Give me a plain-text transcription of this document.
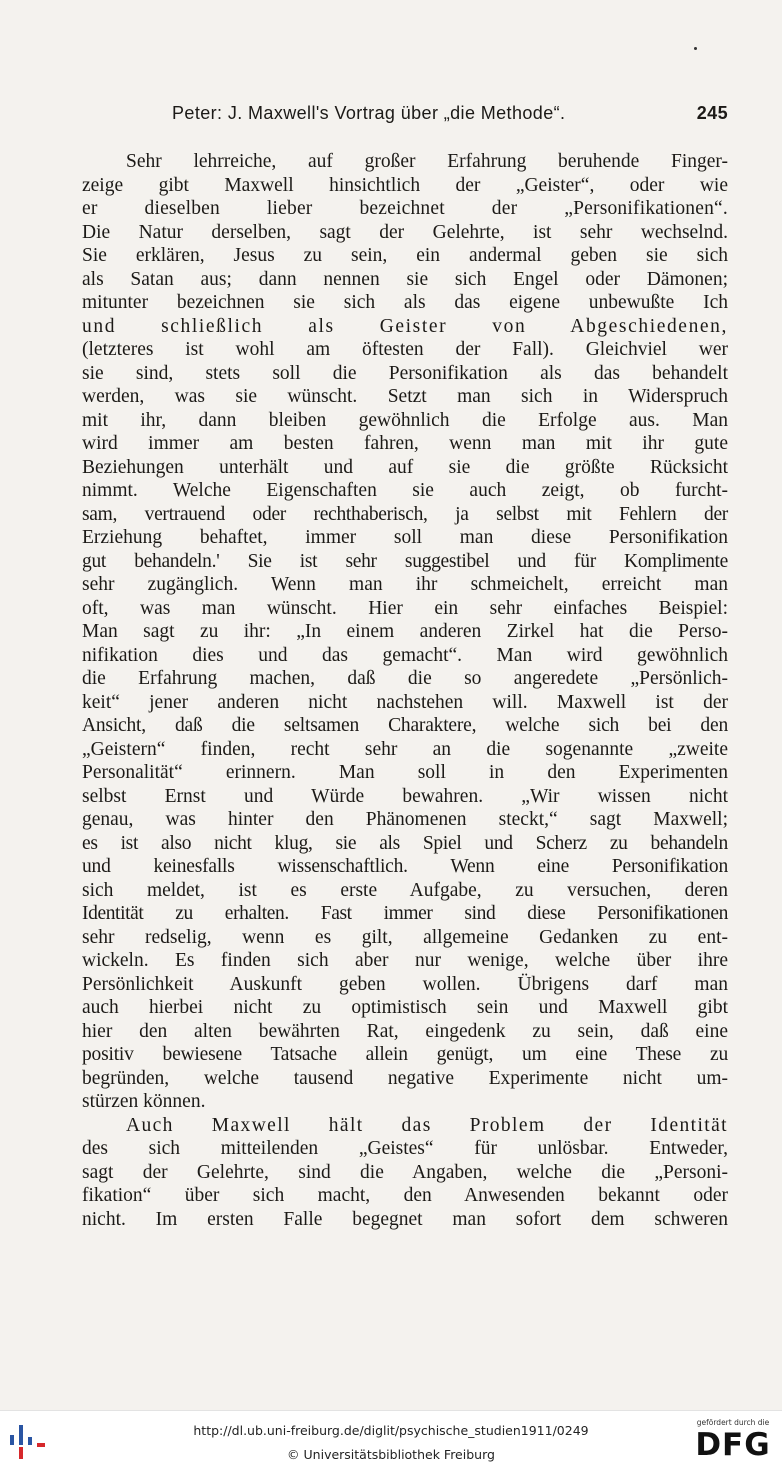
Peter: J. Maxwell's Vortrag über „die Methode“.	245
Sehr lehrreiche, auf großer Erfahrung beruhende Finger-
zeige gibt Maxwell hinsichtlich der „Geister“, oder wie
er dieselben lieber bezeichnet der „Personifikationen“.
Die Natur derselben, sagt der Gelehrte, ist sehr wechselnd.
Sie erklären, Jesus zu sein, ein andermal geben sie sich
als Satan aus; dann nennen sie sich Engel oder Dämonen;
mitunter bezeichnen sie sich als das eigene unbewußte Ich
und schließlich als Geister von Abgeschiedenen,
(letzteres ist wohl am öftesten der Fall). Gleichviel wer
sie sind, stets soll die Personifikation als das behandelt
werden, was sie wünscht. Setzt man sich in Widerspruch
mit ihr, dann bleiben gewöhnlich die Erfolge aus. Man
wird immer am besten fahren, wenn man mit ihr gute
Beziehungen unterhält und auf sie die größte Rücksicht
nimmt. Welche Eigenschaften sie auch zeigt, ob furcht-
sam, vertrauend oder rechthaberisch, ja selbst mit Fehlern der
Erziehung behaftet, immer soll man diese Personifikation
gut behandeln.' Sie ist sehr suggestibel und für Komplimente
sehr zugänglich. Wenn man ihr schmeichelt, erreicht man
oft, was man wünscht. Hier ein sehr einfaches Beispiel:
Man sagt zu ihr: „In einem anderen Zirkel hat die Perso-
nifikation dies und das gemacht“. Man wird gewöhnlich
die Erfahrung machen, daß die so angeredete „Persönlich-
keit“ jener anderen nicht nachstehen will. Maxwell ist der
Ansicht, daß die seltsamen Charaktere, welche sich bei den
„Geistern“ finden, recht sehr an die sogenannte „zweite
Personalität“ erinnern. Man soll in den Experimenten
selbst Ernst und Würde bewahren. „Wir wissen nicht
genau, was hinter den Phänomenen steckt,“ sagt Maxwell;
es ist also nicht klug, sie als Spiel und Scherz zu behandeln
und keinesfalls wissenschaftlich. Wenn eine Personifikation
sich meldet, ist es erste Aufgabe, zu versuchen, deren
Identität zu erhalten. Fast immer sind diese Personifikationen
sehr redselig, wenn es gilt, allgemeine Gedanken zu ent-
wickeln. Es finden sich aber nur wenige, welche über ihre
Persönlichkeit Auskunft geben wollen. Übrigens darf man
auch hierbei nicht zu optimistisch sein und Maxwell gibt
hier den alten bewährten Rat, eingedenk zu sein, daß eine
positiv bewiesene Tatsache allein genügt, um eine These zu
begründen, welche tausend negative Experimente nicht um-
stürzen können.
Auch Maxwell hält das Problem der Identität
des sich mitteilenden „Geistes“ für unlösbar. Entweder,
sagt der Gelehrte, sind die Angaben, welche die „Personi-
fikation“ über sich macht, den Anwesenden bekannt oder
nicht. Im ersten Falle begegnet man sofort dem schweren
http://dl.ub.uni-freiburg.de/diglit/psychische_studien1911/0249
© Universitätsbibliothek Freiburg
gefördert durch die
DFG
